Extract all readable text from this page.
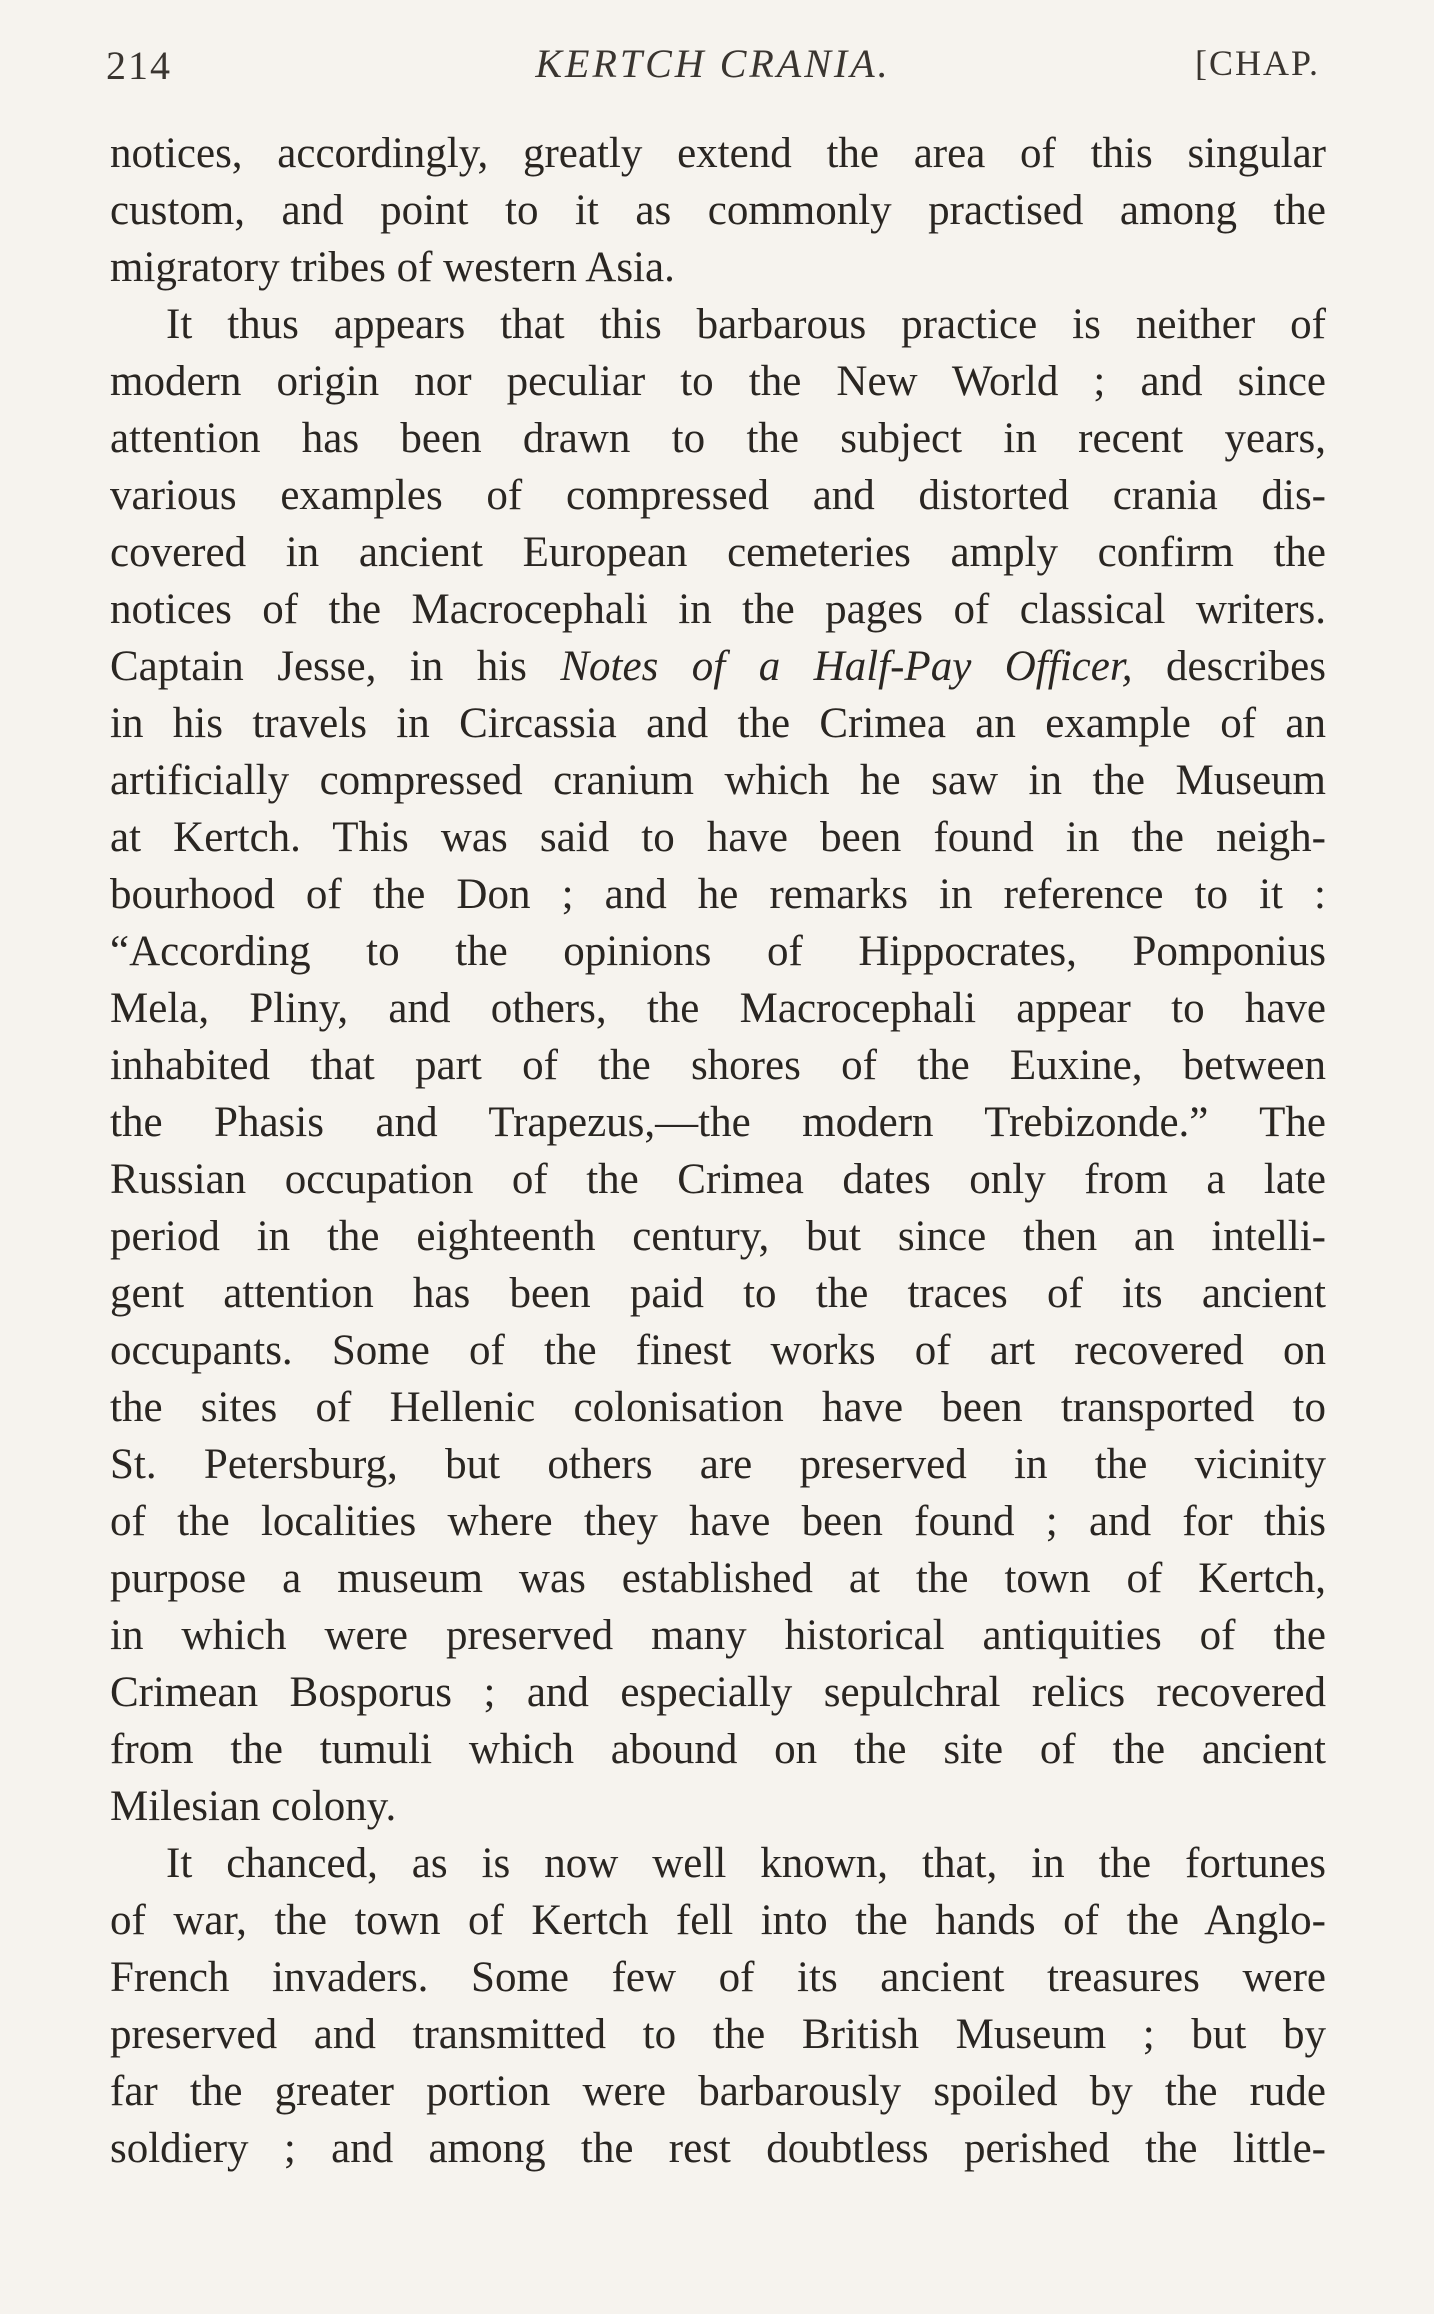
214	KERTCH CRANIA.	[CHAP.
notices, accordingly, greatly extend the area of this singular
custom, and point to it as commonly practised among the
migratory tribes of western Asia.
It thus appears that this barbarous practice is neither of
modern origin nor peculiar to the New World ; and since
attention has been drawn to the subject in recent years,
various examples of compressed and distorted crania dis-
covered in ancient European cemeteries amply confirm the
notices of the Macrocephali in the pages of classical writers.
Captain Jesse, in his Notes of a Half-Pay Officer, describes
in his travels in Circassia and the Crimea an example of an
artificially compressed cranium which he saw in the Museum
at Kertch. This was said to have been found in the neigh-
bourhood of the Don ; and he remarks in reference to it :
“According to the opinions of Hippocrates, Pomponius
Mela, Pliny, and others, the Macrocephali appear to have
inhabited that part of the shores of the Euxine, between
the Phasis and Trapezus,—the modern Trebizonde.” The
Russian occupation of the Crimea dates only from a late
period in the eighteenth century, but since then an intelli-
gent attention has been paid to the traces of its ancient
occupants. Some of the finest works of art recovered on
the sites of Hellenic colonisation have been transported to
St. Petersburg, but others are preserved in the vicinity
of the localities where they have been found ; and for this
purpose a museum was established at the town of Kertch,
in which were preserved many historical antiquities of the
Crimean Bosporus ; and especially sepulchral relics recovered
from the tumuli which abound on the site of the ancient
Milesian colony.
It chanced, as is now well known, that, in the fortunes
of war, the town of Kertch fell into the hands of the Anglo-
French invaders. Some few of its ancient treasures were
preserved and transmitted to the British Museum ; but by
far the greater portion were barbarously spoiled by the rude
soldiery ; and among the rest doubtless perished the little-
